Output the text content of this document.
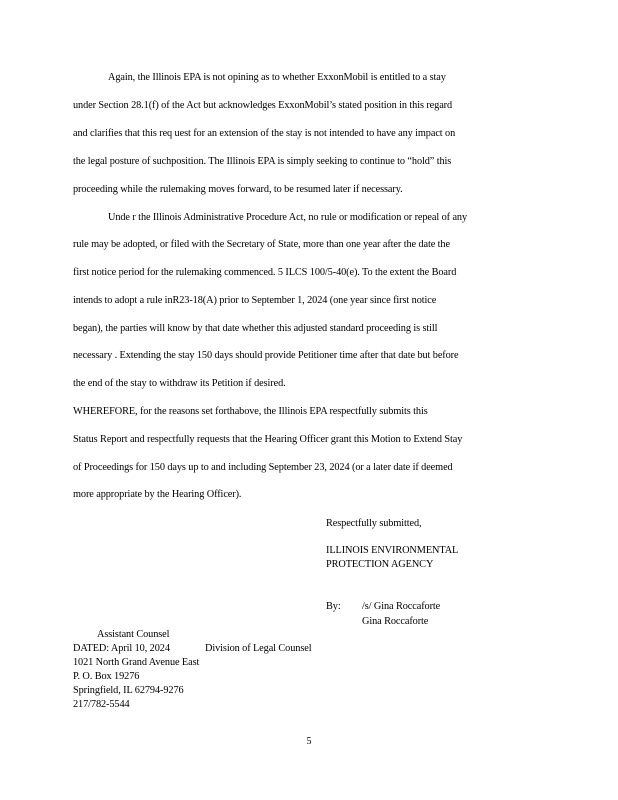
Again, the Illinois EPA is not opining as to whether ExxonMobil is entitled to a stay
under Section 28.1(f) of the Act but acknowledges ExxonMobil’s stated position in this regard
and clarifies that this req uest for an extension of the stay is not intended to have any impact on
the legal posture of suchposition. The Illinois EPA is simply seeking to continue to “hold” this
proceeding while the rulemaking moves forward, to be resumed later if necessary.
Unde r the Illinois Administrative Procedure Act, no rule or modification or repeal of any
rule may be adopted, or filed with the Secretary of State, more than one year after the date the
first notice period for the rulemaking commenced. 5 ILCS 100/5-40(e). To the extent the Board
intends to adopt a rule inR23-18(A) prior to September 1, 2024 (one year since first notice
began), the parties will know by that date whether this adjusted standard proceeding is still
necessary . Extending the stay 150 days should provide Petitioner time after that date but before
the end of the stay to withdraw its Petition if desired.
WHEREFORE, for the reasons set forthabove, the Illinois EPA respectfully submits this
Status Report and respectfully requests that the Hearing Officer grant this Motion to Extend Stay
of Proceedings for 150 days up to and including September 23, 2024 (or a later date if deemed
more appropriate by the Hearing Officer).
Respectfully submitted,
ILLINOIS ENVIRONMENTAL
PROTECTION AGENCY
By: /s/ Gina Roccaforte
Gina Roccaforte
Assistant Counsel
DATED: April 10, 2024	Division of Legal Counsel
1021 North Grand Avenue East
P. O. Box 19276
Springfield, IL 62794-9276
217/782-5544
5
